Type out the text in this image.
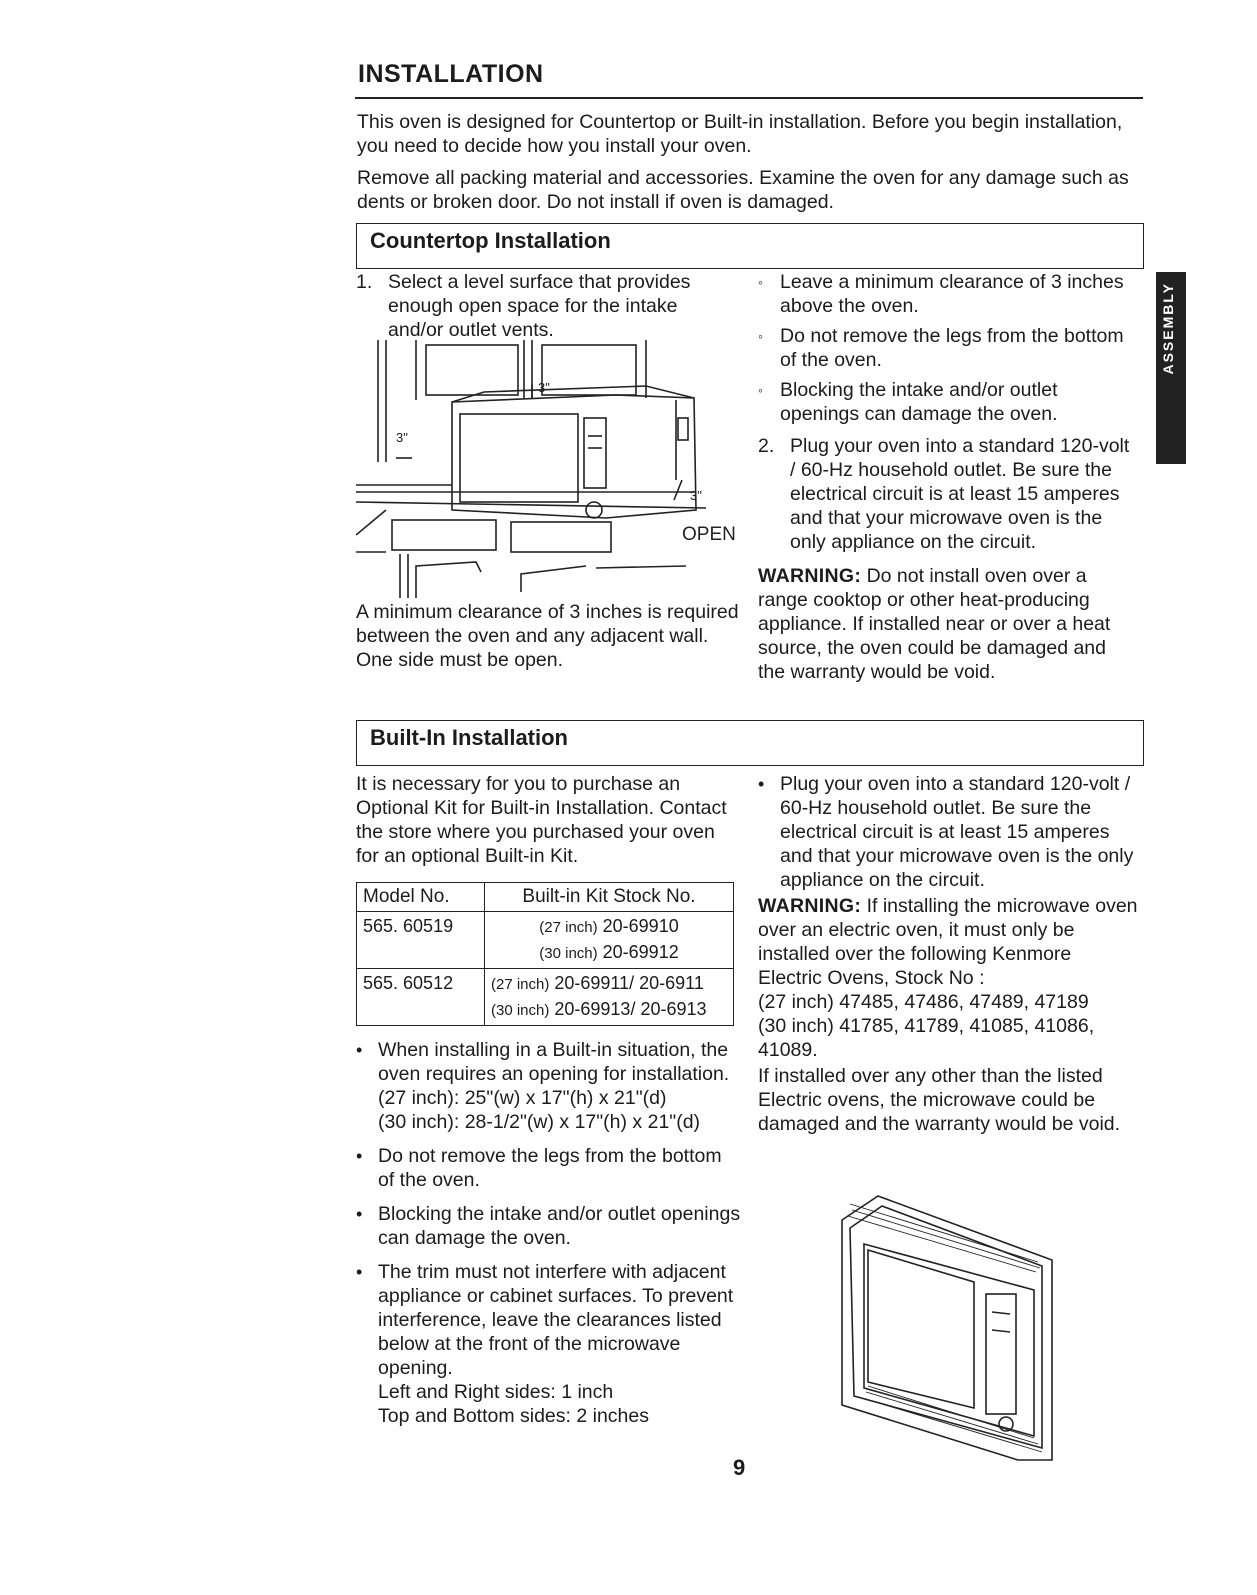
INSTALLATION
This oven is designed for Countertop or Built-in installation. Before you begin installation, you need to decide how you install your oven.
Remove all packing material and accessories. Examine the oven for any damage such as dents or broken door. Do not install if oven is damaged.
ASSEMBLY
Countertop Installation
1. Select a level surface that provides enough open space for the intake and/or outlet vents.
3"
3"
3"
OPEN
A minimum clearance of 3 inches is required between the oven and any adjacent wall. One side must be open.
◦ Leave a minimum clearance of 3 inches above the oven.
◦ Do not remove the legs from the bottom of the oven.
◦ Blocking the intake and/or outlet openings can damage the oven.
2. Plug your oven into a standard 120-volt / 60-Hz household outlet. Be sure the electrical circuit is at least 15 amperes and that your microwave oven is the only appliance on the circuit.
WARNING: Do not install oven over a range cooktop or other heat-producing appliance. If installed near or over a heat source, the oven could be damaged and the warranty would be void.
Built-In Installation
It is necessary for you to purchase an Optional Kit for Built-in Installation. Contact the store where you purchased your oven for an optional Built-in Kit.
Model No.	Built-in Kit Stock No.
565. 60519	(27 inch) 20-69910
(30 inch) 20-69912

565. 60512	(27 inch) 20-69911/ 20-6911
(30 inch) 20-69913/ 20-6913
• When installing in a Built-in situation, the oven requires an opening for installation.
(27 inch): 25"(w) x 17"(h) x 21"(d)
(30 inch): 28-1/2"(w) x 17"(h) x 21"(d)
• Do not remove the legs from the bottom of the oven.
• Blocking the intake and/or outlet openings can damage the oven.
• The trim must not interfere with adjacent appliance or cabinet surfaces. To prevent interference, leave the clearances listed below at the front of the microwave opening.
Left and Right sides: 1 inch
Top and Bottom sides: 2 inches
• Plug your oven into a standard 120-volt / 60-Hz household outlet. Be sure the electrical circuit is at least 15 amperes and that your microwave oven is the only appliance on the circuit.
WARNING: If installing the microwave oven over an electric oven, it must only be installed over the following Kenmore Electric Ovens, Stock No :
(27 inch) 47485, 47486, 47489, 47189
(30 inch) 41785, 41789, 41085, 41086, 41089.
If installed over any other than the listed Electric ovens, the microwave could be damaged and the warranty would be void.
9
